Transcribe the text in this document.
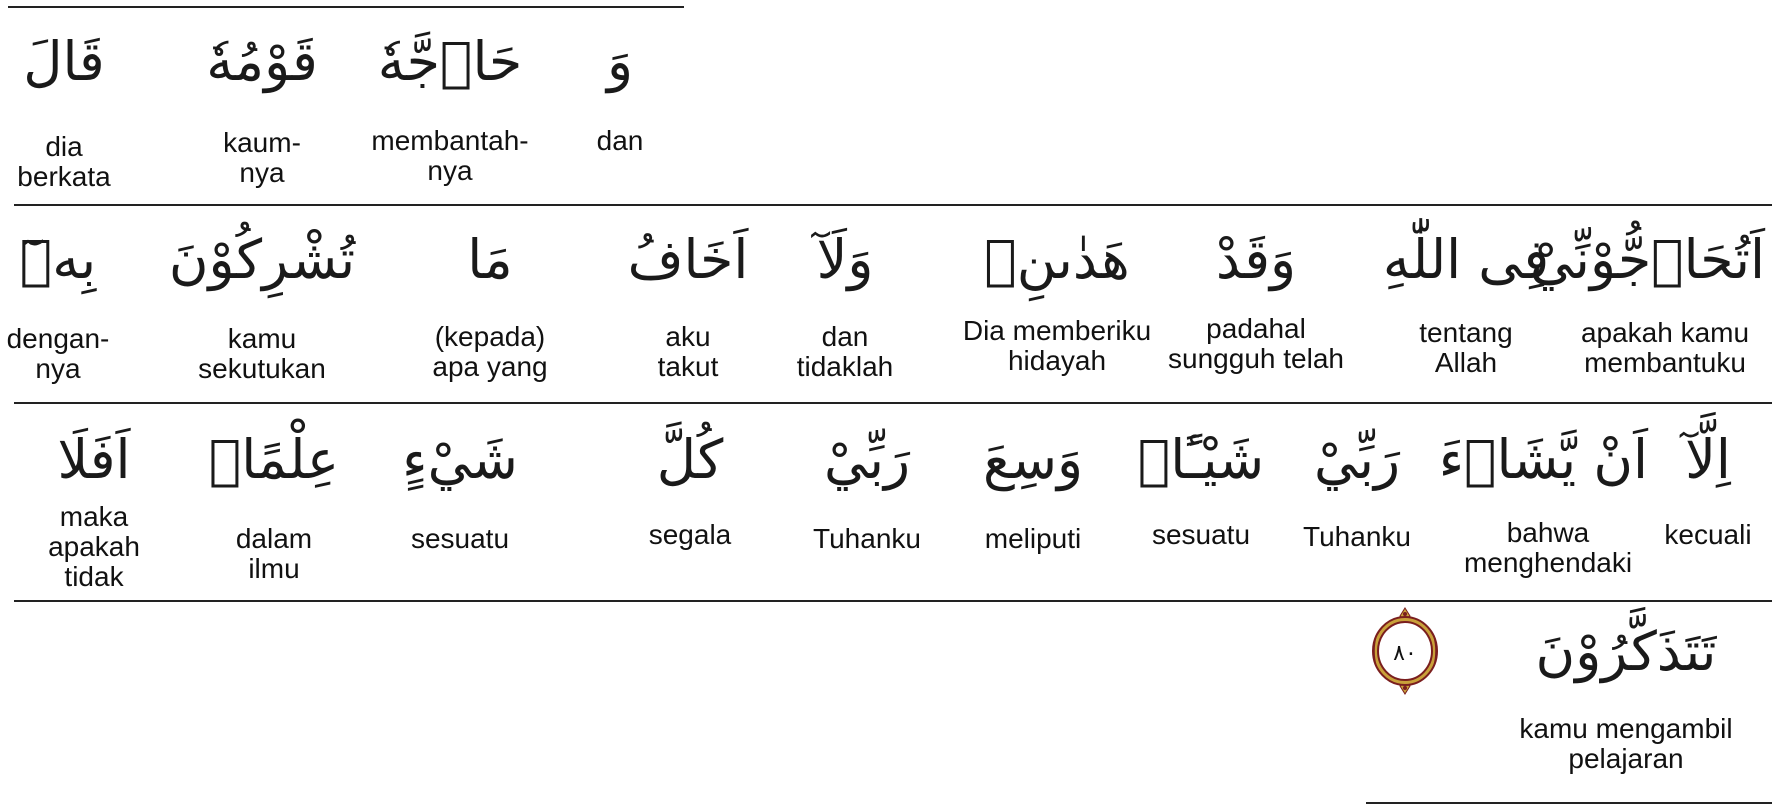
قَالَ
dia
berkata
قَوْمُهٗ
kaum-
nya
حَاۤجَّهٗ
membantah-
nya
وَ
dan
بِهٖٓ
dengan-
nya
تُشْرِكُوْنَ
kamu
sekutukan
مَا
(kepada)
apa yang
اَخَافُ
aku
takut
وَلَآ
dan
tidaklah
هَدٰىنِۗ
Dia memberiku
hidayah
وَقَدْ
padahal
sungguh telah
فِى اللّٰهِ
tentang
Allah
اَتُحَاۤجُّوْنِّيْ
apakah kamu
membantuku
اَفَلَا
maka
apakah
tidak
عِلْمًاۗ
dalam
ilmu
شَيْءٍ
sesuatu
كُلَّ
segala
رَبِّيْ
Tuhanku
وَسِعَ
meliputi
شَيْـًٔاۗ
sesuatu
رَبِّيْ
Tuhanku
اَنْ يَّشَاۤءَ
bahwa
menghendaki
اِلَّآ
kecuali
تَتَذَكَّرُوْنَ
kamu mengambil
pelajaran
٨٠
